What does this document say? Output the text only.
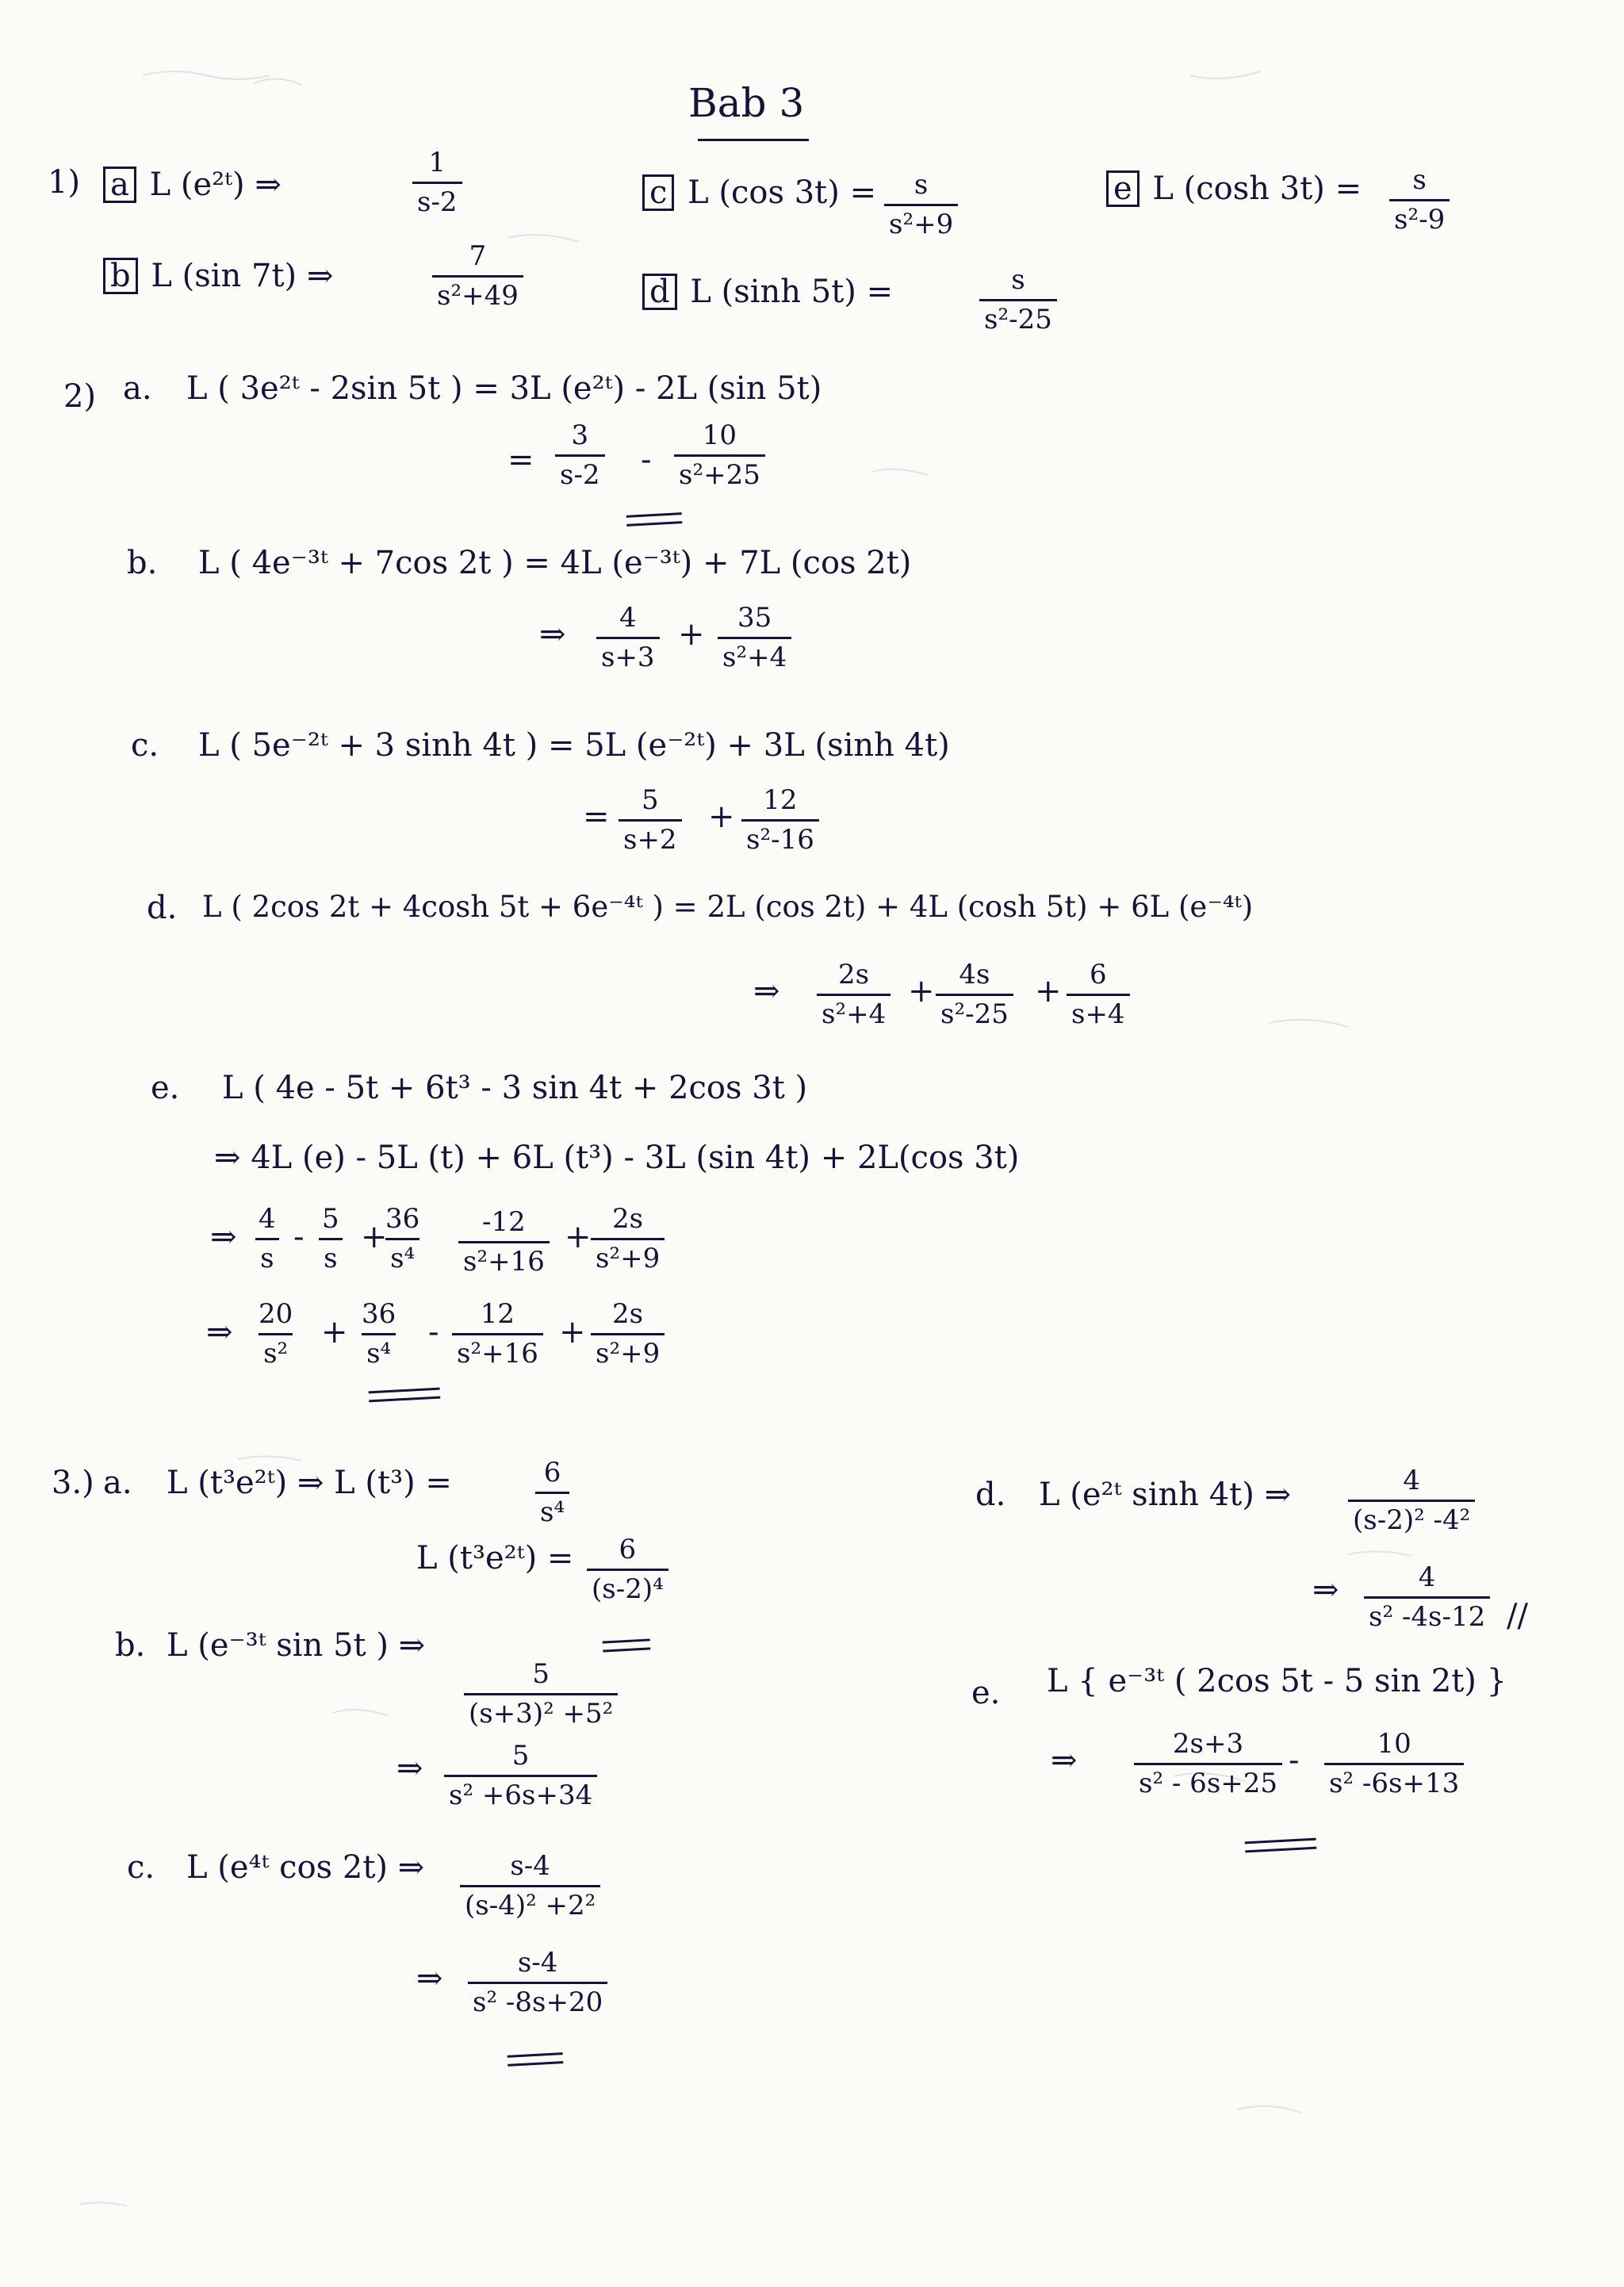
Bab 3
1) a L (e²ᵗ) ⇒	$\frac{1}{s-2}$
b L (sin 7t) ⇒	$\frac{7}{\text{s²+49}}$
c L (cos $3t) = \frac{s}{\text{s²+9}}$
d L (sinh 5t) =	$\frac{s}{\text{s²-25}}$
e L (cosh $3t) = \frac{s}{\text{s²-9}}$
2) a. L ( 3e²ᵗ - 2sin 5t ) = 3L (e²ᵗ) - 2L (sin 5t)
= $\frac{3}{s-2} - \frac{10}{\text{s²+25}}$
b. L ( 4e⁻³ᵗ + 7cos 2t ) = 4L (e⁻³ᵗ) + 7L (cos 2t)
⇒ $\frac{4}{s+3} + \frac{35}{\text{s²+4}}$
c. L ( 5e⁻²ᵗ + 3 sinh 4t ) = 5L (e⁻²ᵗ) + 3L (sinh 4t)
= $\frac{5}{s+2} + \frac{12}{\text{s²-16}}$
d. L ( 2cos 2t + 4cosh 5t + 6e⁻⁴ᵗ ) = 2L (cos 2t) + 4L (cosh 5t) + 6L (e⁻⁴ᵗ)
⇒ $\frac{2s}{\text{s²+4}} + \frac{4s}{\text{s²-25}} + \frac{6}{s+4}$
e. L ( 4e - 5t + 6t³ - 3 sin 4t + 2cos 3t )
⇒ 4L (e) - 5L (t) + 6L (t³) - 3L (sin 4t) + 2L(cos 3t)
⇒ $\frac{4}{s} - \frac{5}{s}$ +
$\frac{36}{\text{s⁴}} \frac{-12}{\text{s²+16}} + \frac{2s}{\text{s²+9}}$
⇒ $\frac{20}{\text{s²}} + \frac{36}{\text{s⁴}} - \frac{12}{\text{s²+16}} + \frac{2s}{\text{s²+9}}$
3.) a. L (t³e²ᵗ) ⇒ L (t³) =	$\frac{6}{\text{s⁴}}$
L (t³e²ᵗ) = $\frac{6}{\text{(s-2)⁴}}$
b. L (e⁻³ᵗ sin 5t ) ⇒
$\frac{5}{\text{(s+3)² +5²}}$
⇒ $\frac{5}{\text{s² +6s+34}}$
c. L (e⁴ᵗ cos 2t) ⇒ $\frac{s-4}{\text{(s-4)² +2²}}$
⇒ $\frac{s-4}{\text{s² -8s+20}}$
d. L (e²ᵗ sinh 4t) ⇒ $\frac{4}{\text{(s-2)² -4²}}$
⇒ $\frac{4}{\text{s² -4s-12}}$ //
e. L { e⁻³ᵗ ( 2cos 5t - 5 sin 2t) }
⇒ $\frac{2s+3}{\text{s² - 6s+25}} - \frac{10}{\text{s² -6s+13}}$
